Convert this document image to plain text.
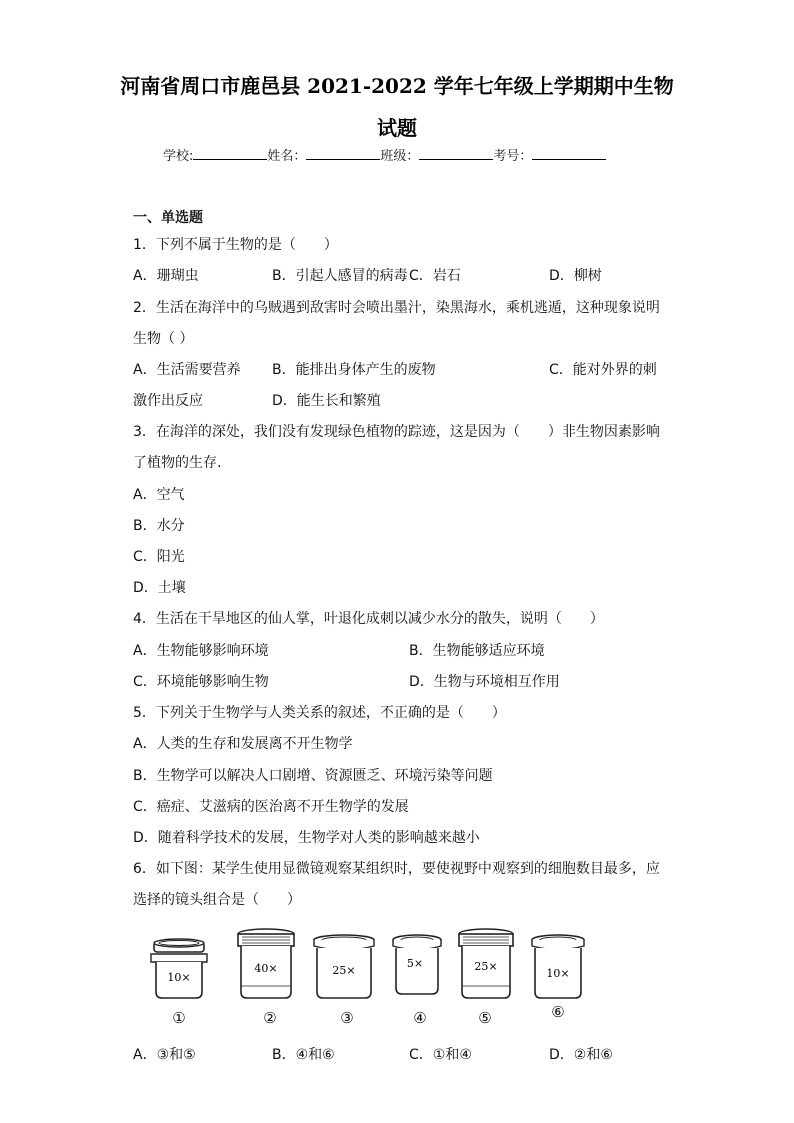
河南省周口市鹿邑县 2021-2022 学年七年级上学期期中生物
试题
学校:	姓名：	班级：	考号：
一、单选题
1．下列不属于生物的是（　　）
A．珊瑚虫	B．引起人感冒的病毒 C．岩石	D．柳树
2．生活在海洋中的乌贼遇到敌害时会喷出墨汁，染黑海水，乘机逃遁，这种现象说明
生物（ ）
A．生活需要营养 B．能排出身体产生的废物	C．能对外界的刺
激作出反应	D．能生长和繁殖
3．在海洋的深处，我们没有发现绿色植物的踪迹，这是因为（　　）非生物因素影响
了植物的生存.
A．空气
B．水分
C．阳光
D．土壤
4．生活在干旱地区的仙人掌，叶退化成刺以减少水分的散失，说明（　　）
A．生物能够影响环境	B．生物能够适应环境
C．环境能够影响生物	D．生物与环境相互作用
5．下列关于生物学与人类关系的叙述，不正确的是（　　）
A．人类的生存和发展离不开生物学
B．生物学可以解决人口剧增、资源匮乏、环境污染等问题
C．癌症、艾滋病的医治离不开生物学的发展
D．随着科学技术的发展，生物学对人类的影响越来越小
6．如下图：某学生使用显微镜观察某组织时，要使视野中观察到的细胞数目最多，应
选择的镜头组合是（　　）
10×
①
40×
②
25×
③
5×
④
25×
⑤
10×
⑥
A．③和⑤	B．④和⑥	C．①和④	D．②和⑥
